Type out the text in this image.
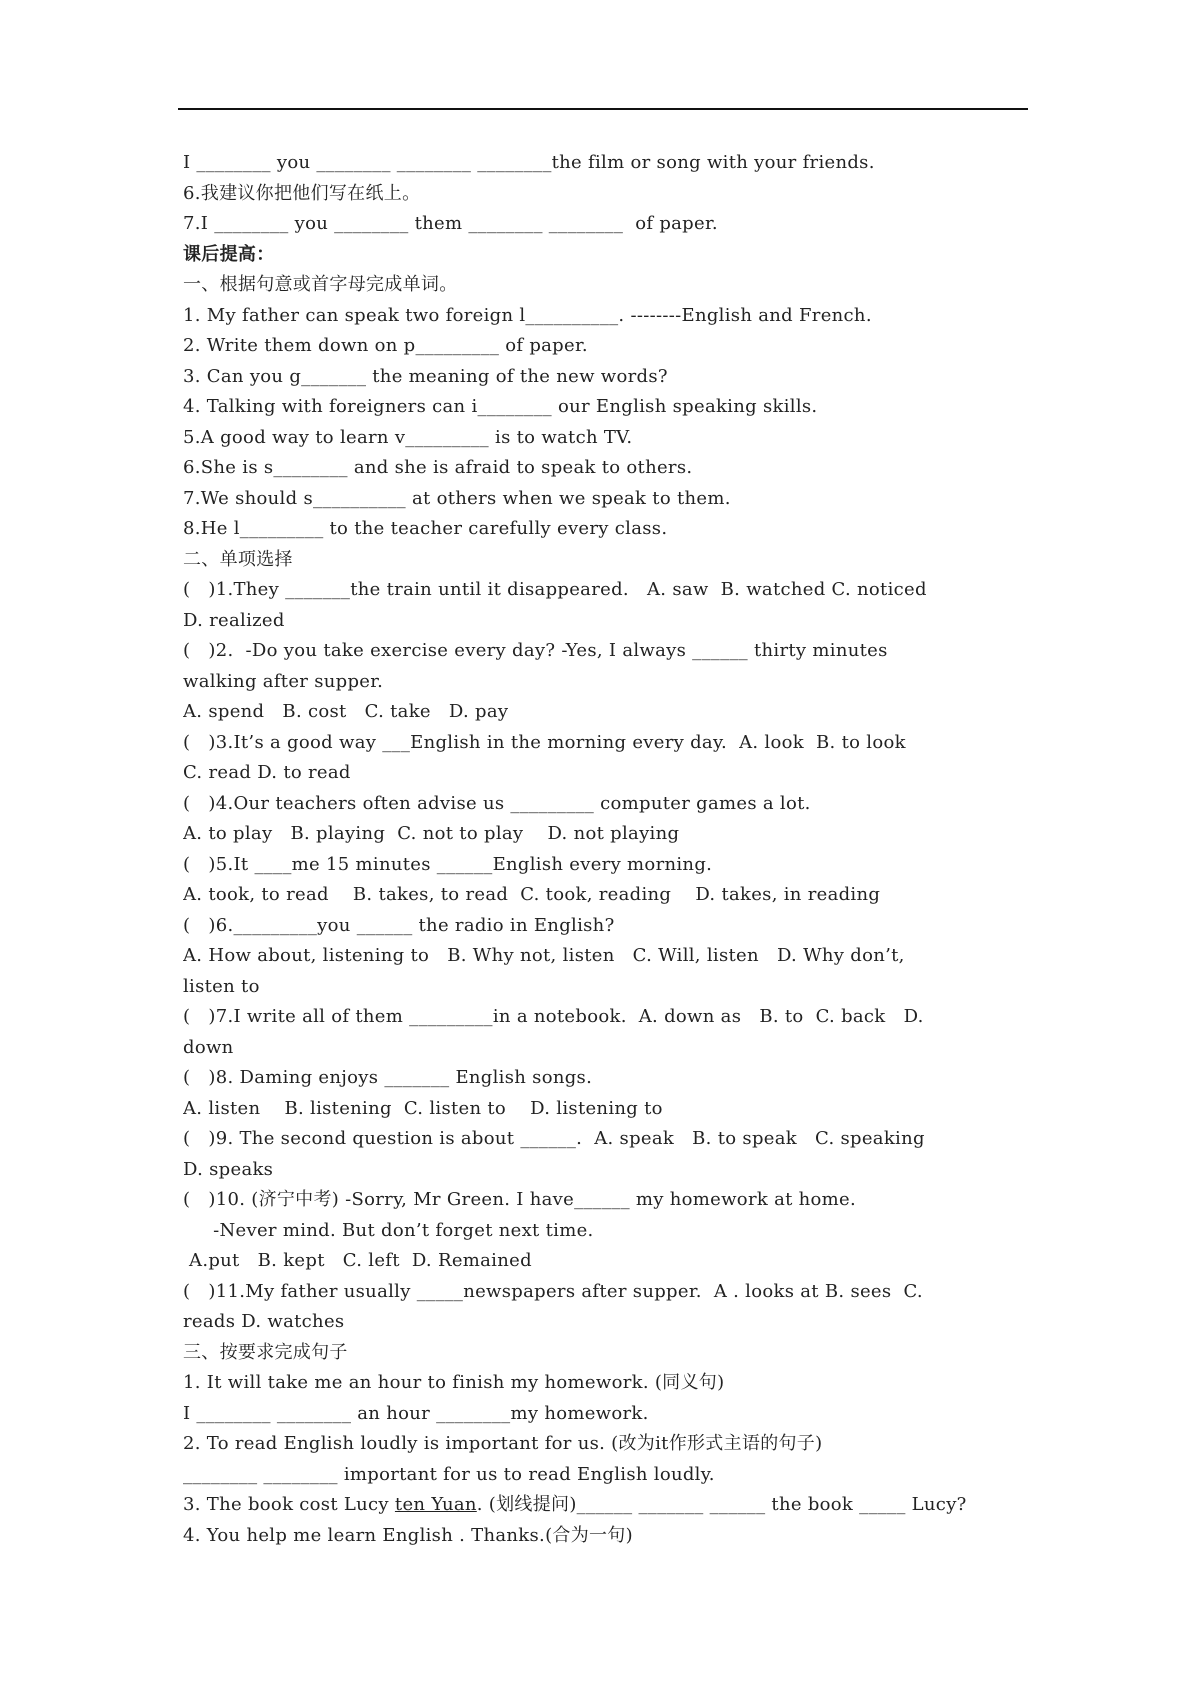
I ________ you ________ ________ ________the film or song with your friends.
6.我建议你把他们写在纸上。
7.I ________ you ________ them ________ ________  of paper.
课后提高：
一、根据句意或首字母完成单词。
1. My father can speak two foreign l__________. --------English and French.
2. Write them down on p_________ of paper.
3. Can you g_______ the meaning of the new words?
4. Talking with foreigners can i________ our English speaking skills.
5.A good way to learn v_________ is to watch TV.
6.She is s________ and she is afraid to speak to others.
7.We should s__________ at others when we speak to them.
8.He l_________ to the teacher carefully every class.
二、单项选择
(   )1.They _______the train until it disappeared.   A. saw  B. watched C. noticed
D. realized
(   )2.  -Do you take exercise every day? -Yes, I always ______ thirty minutes
walking after supper.
A. spend   B. cost   C. take   D. pay
(   )3.It’s a good way ___English in the morning every day.  A. look  B. to look
C. read D. to read
(   )4.Our teachers often advise us _________ computer games a lot.
A. to play   B. playing  C. not to play    D. not playing
(   )5.It ____me 15 minutes ______English every morning.
A. took, to read    B. takes, to read  C. took, reading    D. takes, in reading
(   )6._________you ______ the radio in English?
A. How about, listening to   B. Why not, listen   C. Will, listen   D. Why don’t,
listen to
(   )7.I write all of them _________in a notebook.  A. down as   B. to  C. back   D.
down
(   )8. Daming enjoys _______ English songs.
A. listen    B. listening  C. listen to    D. listening to
(   )9. The second question is about ______.  A. speak   B. to speak   C. speaking
D. speaks
(   )10. (济宁中考) -Sorry, Mr Green. I have______ my homework at home.
-Never mind. But don’t forget next time.
A.put   B. kept   C. left  D. Remained
(   )11.My father usually _____newspapers after supper.  A . looks at B. sees  C.
reads D. watches
三、按要求完成句子
1. It will take me an hour to finish my homework. (同义句)
I ________ ________ an hour ________my homework.
2. To read English loudly is important for us. (改为it作形式主语的句子)
________ ________ important for us to read English loudly.
3. The book cost Lucy ten Yuan. (划线提问)______ _______ ______ the book _____ Lucy?
4. You help me learn English . Thanks.(合为一句)
